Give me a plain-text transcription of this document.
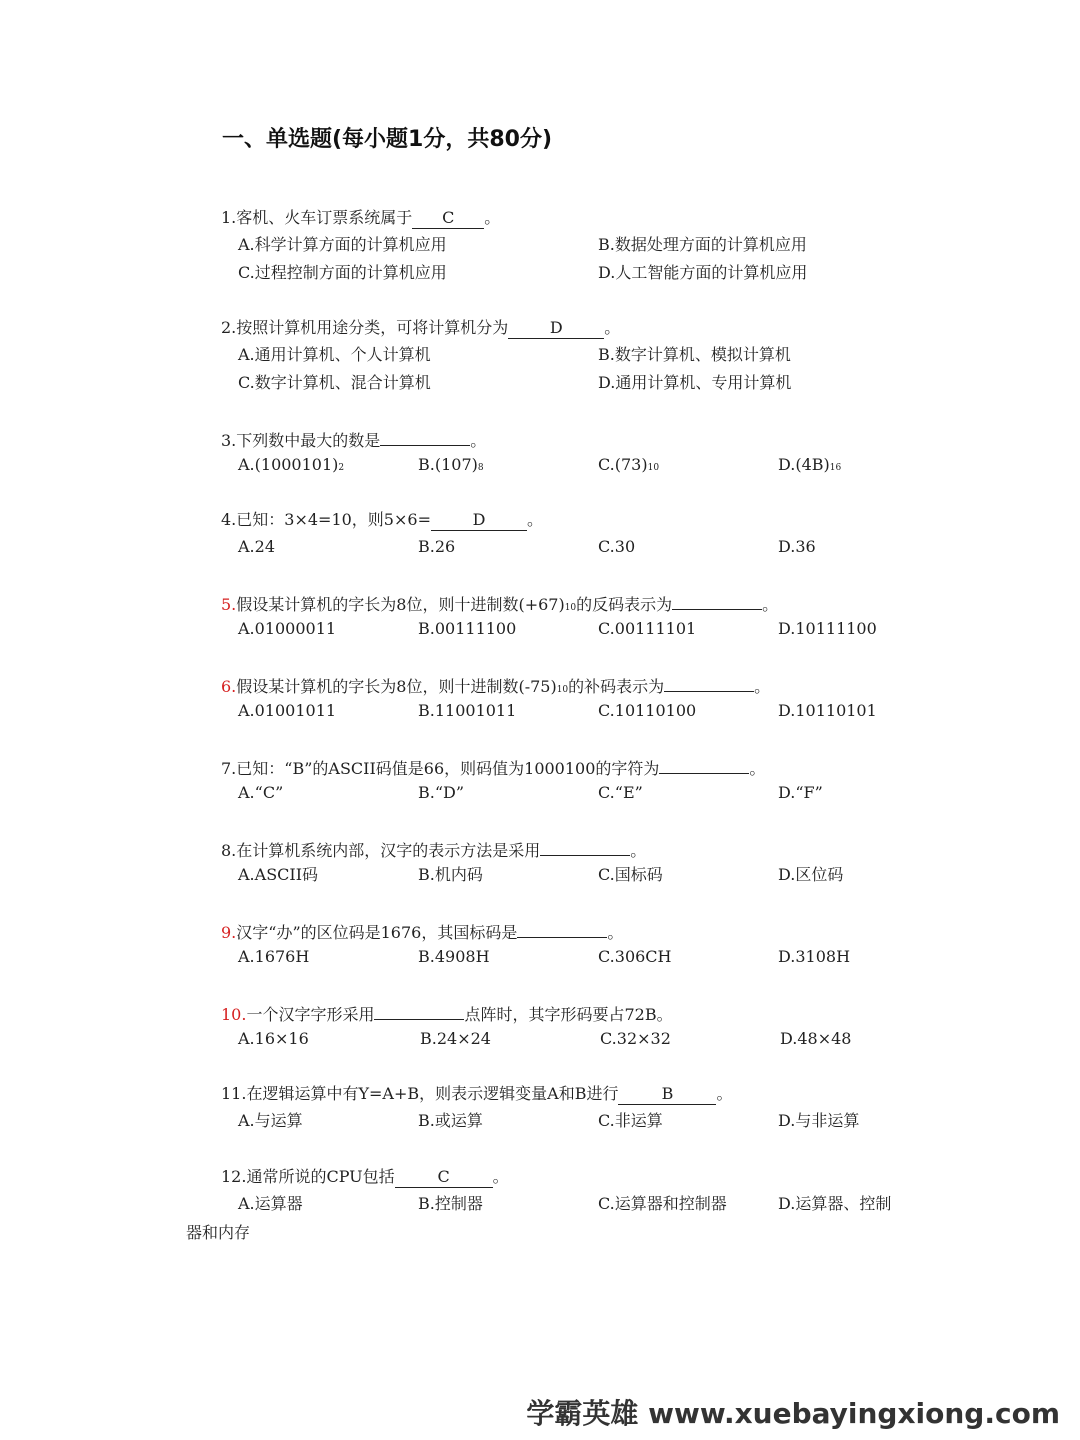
一、单选题(每小题1分，共80分)
1.客机、火车订票系统属于 C 。
A.科学计算方面的计算机应用	B.数据处理方面的计算机应用
C.过程控制方面的计算机应用	D.人工智能方面的计算机应用
2.按照计算机用途分类，可将计算机分为	D	。
A.通用计算机、个人计算机	B.数字计算机、模拟计算机
C.数字计算机、混合计算机	D.通用计算机、专用计算机
3.下列数中最大的数是	。
A.(1000101)2	B.(107)8	C.(73)10	D.(4B)16
4.已知：3×4=10，则5×6=	D	。
A.24	B.26	C.30	D.36
5.假设某计算机的字长为8位，则十进制数(+67)10的反码表示为	。
A.01000011	B.00111100	C.00111101	D.10111100
6.假设某计算机的字长为8位，则十进制数(-75)10的补码表示为	。
A.01001011	B.11001011	C.10110100	D.10110101
7.已知：“B”的ASCII码值是66，则码值为1000100的字符为	。
A.“C”	B.“D”	C.“E”	D.“F”
8.在计算机系统内部，汉字的表示方法是采用	。
A.ASCII码	B.机内码	C.国标码	D.区位码
9.汉字“办”的区位码是1676，其国标码是	。
A.1676H	B.4908H	C.306CH	D.3108H
10.一个汉字字形采用	点阵时，其字形码要占72B。
A.16×16	B.24×24	C.32×32	D.48×48
11.在逻辑运算中有Y=A+B，则表示逻辑变量A和B进行	B	。
A.与运算	B.或运算	C.非运算	D.与非运算
12.通常所说的CPU包括	C	。
A.运算器	B.控制器	C.运算器和控制器	D.运算器、控制
器和内存
学霸英雄 www.xuebayingxiong.com
